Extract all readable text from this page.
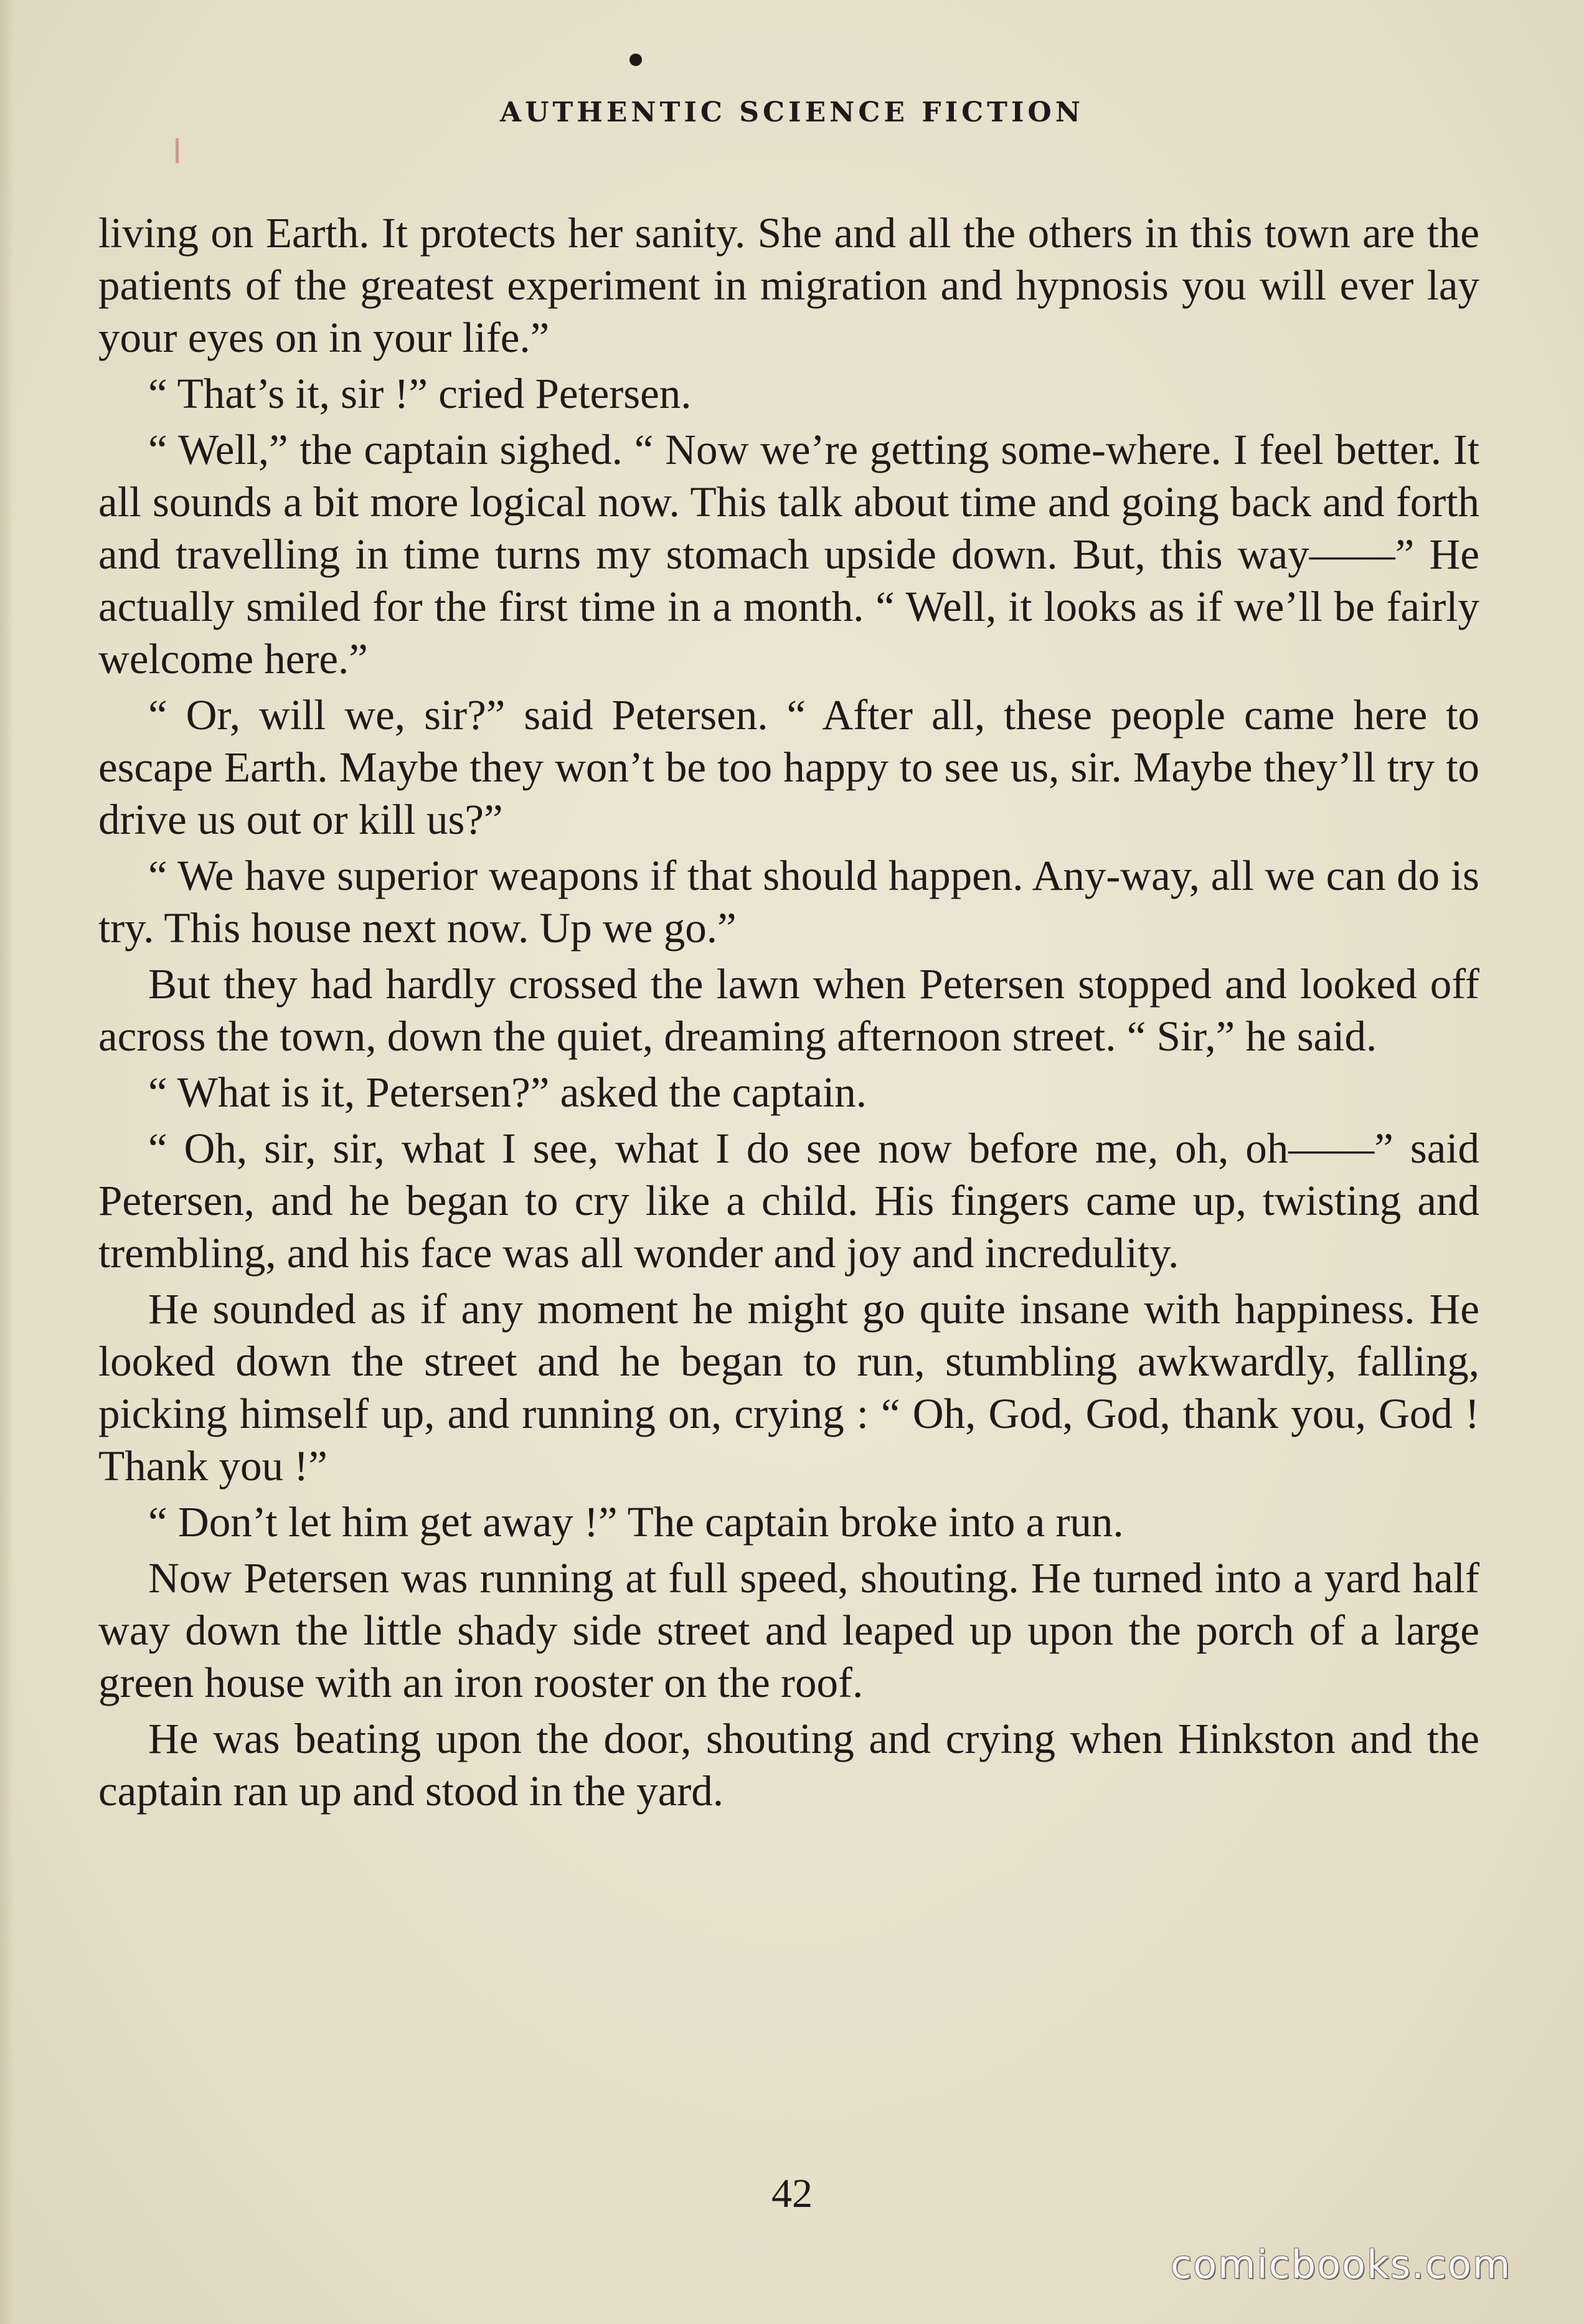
AUTHENTIC SCIENCE FICTION

living on Earth. It protects her sanity. She and all the others in this town are the patients of the greatest experiment in migration and hypnosis you will ever lay your eyes on in your life.”

“ That’s it, sir !” cried Petersen.

“ Well,” the captain sighed. “ Now we’re getting some-where. I feel better. It all sounds a bit more logical now. This talk about time and going back and forth and travelling in time turns my stomach upside down. But, this way——” He actually smiled for the first time in a month. “ Well, it looks as if we’ll be fairly welcome here.”

“ Or, will we, sir?” said Petersen. “ After all, these people came here to escape Earth. Maybe they won’t be too happy to see us, sir. Maybe they’ll try to drive us out or kill us?”

“ We have superior weapons if that should happen. Any-way, all we can do is try. This house next now. Up we go.”

But they had hardly crossed the lawn when Petersen stopped and looked off across the town, down the quiet, dreaming afternoon street. “ Sir,” he said.

“ What is it, Petersen?” asked the captain.

“ Oh, sir, sir, what I see, what I do see now before me, oh, oh——” said Petersen, and he began to cry like a child. His fingers came up, twisting and trembling, and his face was all wonder and joy and incredulity.

He sounded as if any moment he might go quite insane with happiness. He looked down the street and he began to run, stumbling awkwardly, falling, picking himself up, and running on, crying : “ Oh, God, God, thank you, God ! Thank you !”

“ Don’t let him get away !” The captain broke into a run.

Now Petersen was running at full speed, shouting. He turned into a yard half way down the little shady side street and leaped up upon the porch of a large green house with an iron rooster on the roof.

He was beating upon the door, shouting and crying when Hinkston and the captain ran up and stood in the yard.

42
comicbooks.com
